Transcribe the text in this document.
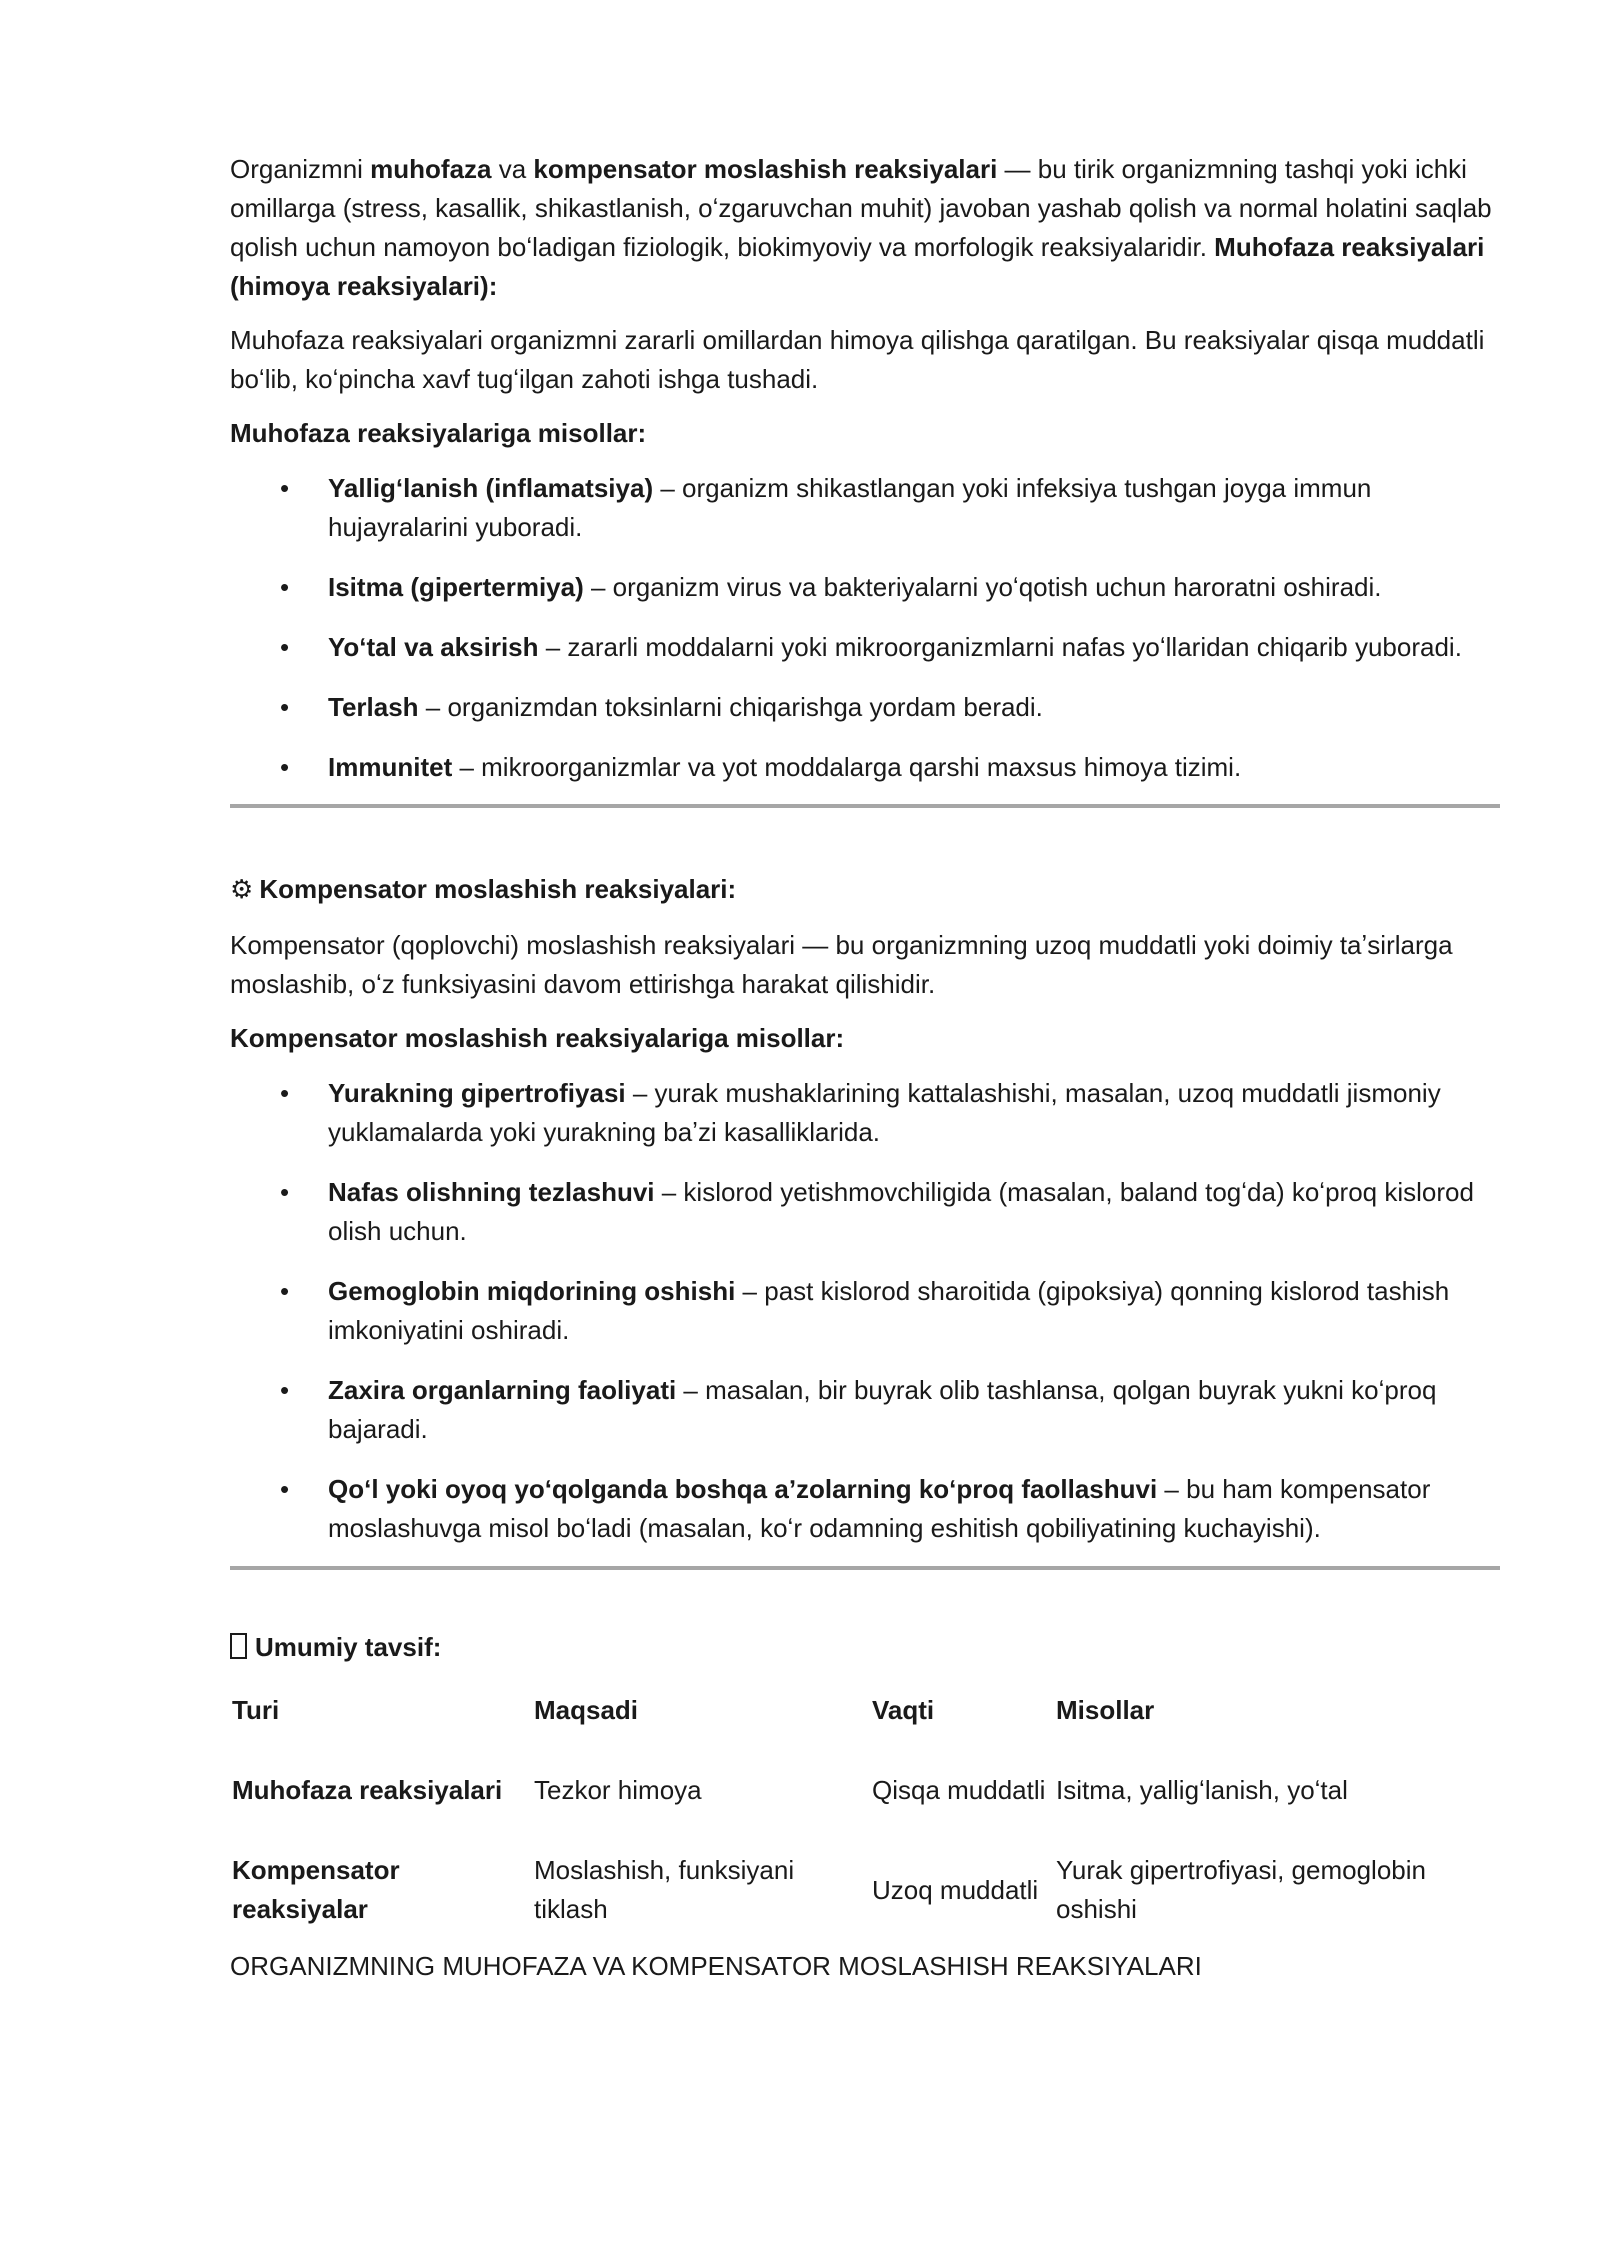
Organizmni muhofaza va kompensator moslashish reaksiyalari — bu tirik organizmning tashqi yoki ichki omillarga (stress, kasallik, shikastlanish, oʻzgaruvchan muhit) javoban yashab qolish va normal holatini saqlab qolish uchun namoyon boʻladigan fiziologik, biokimyoviy va morfologik reaksiyalaridir. Muhofaza reaksiyalari (himoya reaksiyalari):

Muhofaza reaksiyalari organizmni zararli omillardan himoya qilishga qaratilgan. Bu reaksiyalar qisqa muddatli boʻlib, koʻpincha xavf tugʻilgan zahoti ishga tushadi.

Muhofaza reaksiyalariga misollar:

• Yalligʻlanish (inflamatsiya) – organizm shikastlangan yoki infeksiya tushgan joyga immun hujayralarini yuboradi.
• Isitma (gipertermiya) – organizm virus va bakteriyalarni yoʻqotish uchun haroratni oshiradi.
• Yoʻtal va aksirish – zararli moddalarni yoki mikroorganizmlarni nafas yoʻllaridan chiqarib yuboradi.
• Terlash – organizmdan toksinlarni chiqarishga yordam beradi.
• Immunitet – mikroorganizmlar va yot moddalarga qarshi maxsus himoya tizimi.

⚙ Kompensator moslashish reaksiyalari:

Kompensator (qoplovchi) moslashish reaksiyalari — bu organizmning uzoq muddatli yoki doimiy taʼsirlarga moslashib, oʻz funksiyasini davom ettirishga harakat qilishidir.

Kompensator moslashish reaksiyalariga misollar:

• Yurakning gipertrofiyasi – yurak mushaklarining kattalashishi, masalan, uzoq muddatli jismoniy yuklamalarda yoki yurakning baʼzi kasalliklarida.
• Nafas olishning tezlashuvi – kislorod yetishmovchiligida (masalan, baland togʻda) koʻproq kislorod olish uchun.
• Gemoglobin miqdorining oshishi – past kislorod sharoitida (gipoksiya) qonning kislorod tashish imkoniyatini oshiradi.
• Zaxira organlarning faoliyati – masalan, bir buyrak olib tashlansa, qolgan buyrak yukni koʻproq bajaradi.
• Qoʻl yoki oyoq yoʻqolganda boshqa aʼzolarning koʻproq faollashuvi – bu ham kompensator moslashuvga misol boʻladi (masalan, koʻr odamning eshitish qobiliyatining kuchayishi).

Umumiy tavsif:

Turi	Maqsadi	Vaqti	Misollar
Muhofaza reaksiyalari	Tezkor himoya	Qisqa muddatli	Isitma, yalligʻlanish, yoʻtal
Kompensator reaksiyalar	Moslashish, funksiyani tiklash	Uzoq muddatli	Yurak gipertrofiyasi, gemoglobin oshishi

ORGANIZMNING MUHOFAZA VA KOMPENSATOR MOSLASHISH REAKSIYALARI
